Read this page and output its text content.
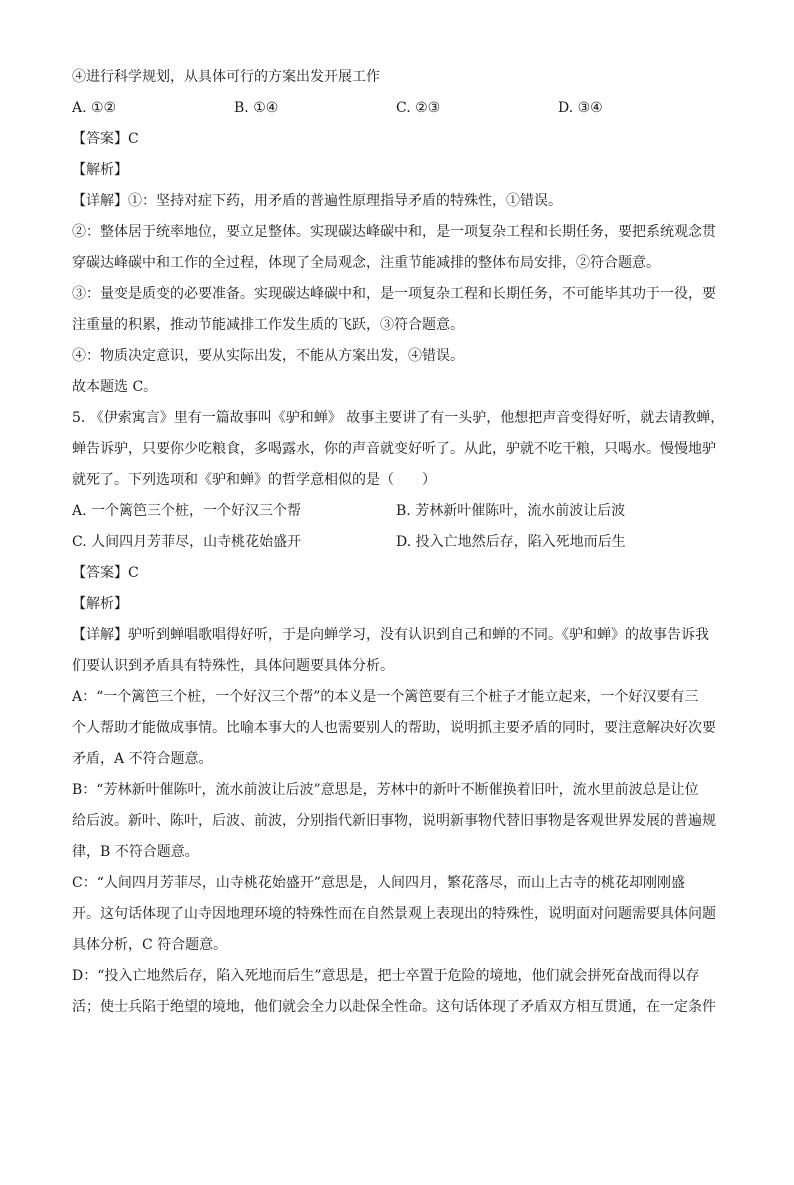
④进行科学规划，从具体可行的方案出发开展工作

A. ①②	B. ①④	C. ②③	D. ③④

【答案】C

【解析】

【详解】①：坚持对症下药，用矛盾的普遍性原理指导矛盾的特殊性，①错误。

②：整体居于统率地位，要立足整体。实现碳达峰碳中和，是一项复杂工程和长期任务，要把系统观念贯

穿碳达峰碳中和工作的全过程，体现了全局观念，注重节能减排的整体布局安排，②符合题意。

③：量变是质变的必要准备。实现碳达峰碳中和，是一项复杂工程和长期任务，不可能毕其功于一役，要

注重量的积累，推动节能减排工作发生质的飞跃，③符合题意。

④：物质决定意识，要从实际出发，不能从方案出发，④错误。

故本题选 C。

5. 《伊索寓言》里有一篇故事叫《驴和蝉》 故事主要讲了有一头驴，他想把声音变得好听，就去请教蝉，

蝉告诉驴，只要你少吃粮食，多喝露水，你的声音就变好听了。从此，驴就不吃干粮，只喝水。慢慢地驴

就死了。下列选项和《驴和蝉》的哲学意相似的是（　　）

A. 一个篱笆三个桩，一个好汉三个帮	B. 芳林新叶催陈叶，流水前波让后波
C. 人间四月芳菲尽，山寺桃花始盛开	D. 投入亡地然后存，陷入死地而后生

【答案】C

【解析】

【详解】驴听到蝉唱歌唱得好听，于是向蝉学习，没有认识到自己和蝉的不同。《驴和蝉》的故事告诉我

们要认识到矛盾具有特殊性，具体问题要具体分析。

A：“一个篱笆三个桩，一个好汉三个帮”的本义是一个篱笆要有三个桩子才能立起来，一个好汉要有三

个人帮助才能做成事情。比喻本事大的人也需要别人的帮助，说明抓主要矛盾的同时，要注意解决好次要

矛盾，A 不符合题意。

B：“芳林新叶催陈叶，流水前波让后波”意思是，芳林中的新叶不断催换着旧叶，流水里前波总是让位

给后波。新叶、陈叶，后波、前波，分别指代新旧事物，说明新事物代替旧事物是客观世界发展的普遍规

律，B 不符合题意。

C：“人间四月芳菲尽，山寺桃花始盛开”意思是，人间四月，繁花落尽，而山上古寺的桃花却刚刚盛

开。这句话体现了山寺因地理环境的特殊性而在自然景观上表现出的特殊性，说明面对问题需要具体问题

具体分析，C 符合题意。

D：“投入亡地然后存，陷入死地而后生”意思是，把士卒置于危险的境地，他们就会拼死奋战而得以存

活；使士兵陷于绝望的境地，他们就会全力以赴保全性命。这句话体现了矛盾双方相互贯通，在一定条件
